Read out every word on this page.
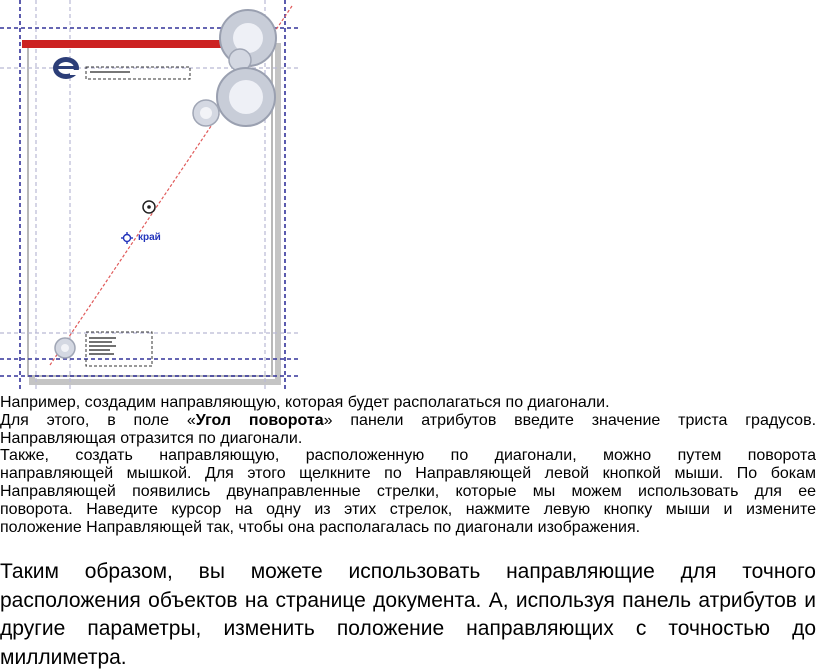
край

Например, создадим направляющую, которая будет располагаться по диагонали.

Для этого, в поле «Угол поворота» панели атрибутов введите значение триста градусов.

Направляющая отразится по диагонали.

Также, создать направляющую, расположенную по диагонали, можно путем поворота

направляющей мышкой. Для этого щелкните по Направляющей левой кнопкой мыши. По бокам

Направляющей появились двунаправленные стрелки, которые мы можем использовать для ее

поворота. Наведите курсор на одну из этих стрелок, нажмите левую кнопку мыши и измените

положение Направляющей так, чтобы она располагалась по диагонали изображения.

Таким образом, вы можете использовать направляющие для точного

расположения объектов на странице документа. А, используя панель атрибутов и

другие параметры, изменить положение направляющих с точностью до

миллиметра.
